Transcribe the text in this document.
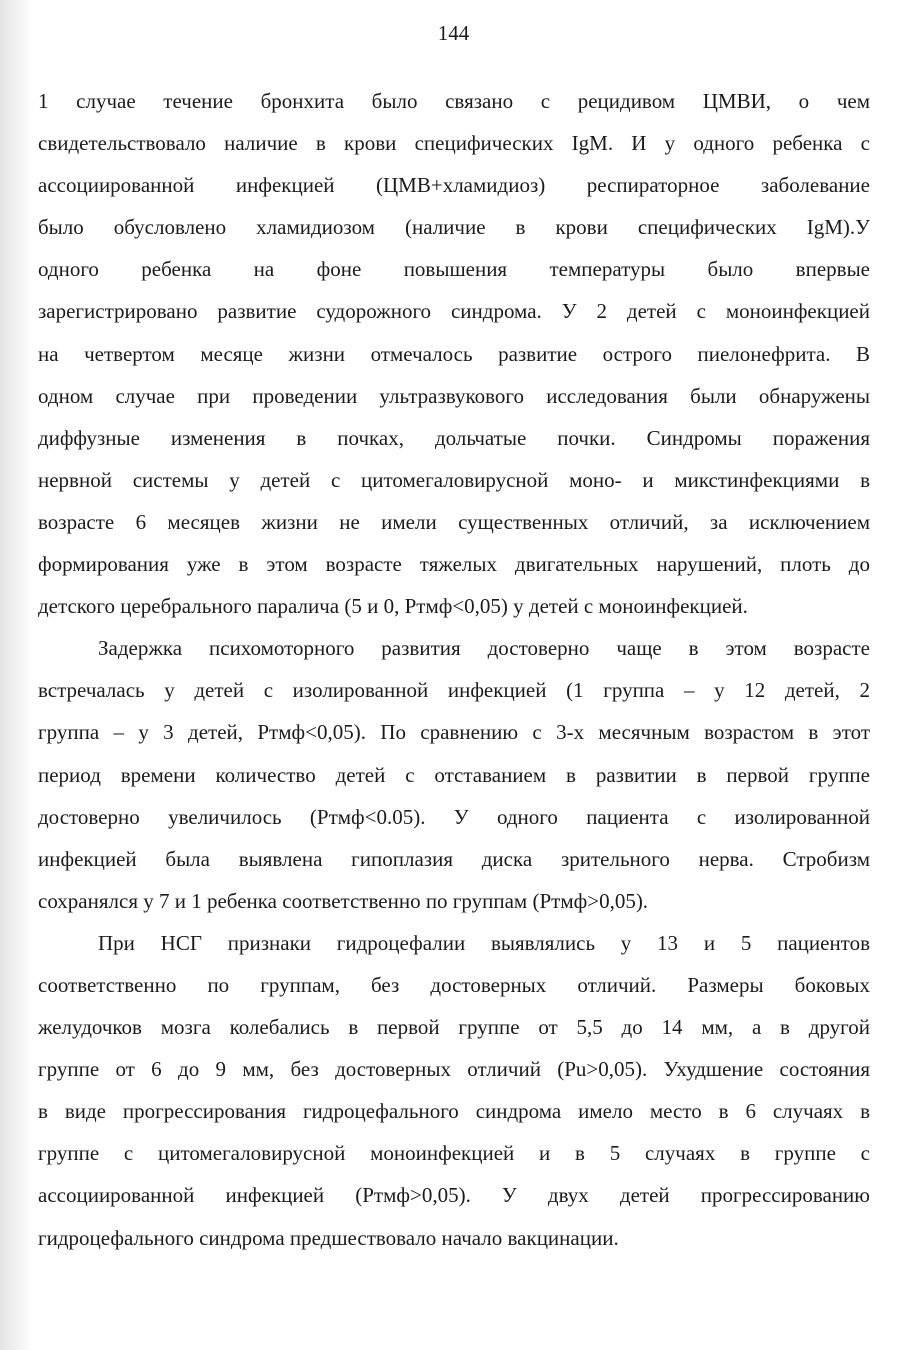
144
1 случае течение бронхита было связано с рецидивом ЦМВИ, о чем
свидетельствовало наличие в крови специфических IgM. И у одного ребенка с
ассоциированной инфекцией (ЦМВ+хламидиоз) респираторное заболевание
было обусловлено хламидиозом (наличие в крови специфических IgM).У
одного ребенка на фоне повышения температуры было впервые
зарегистрировано развитие судорожного синдрома. У 2 детей с моноинфекцией
на четвертом месяце жизни отмечалось развитие острого пиелонефрита. В
одном случае при проведении ультразвукового исследования были обнаружены
диффузные изменения в почках, дольчатые почки. Синдромы поражения
нервной системы у детей с цитомегаловирусной моно- и микстинфекциями в
возрасте 6 месяцев жизни не имели существенных отличий, за исключением
формирования уже в этом возрасте тяжелых двигательных нарушений, плоть до
детского церебрального паралича (5 и 0, Ртмф<0,05) у детей с моноинфекцией.
Задержка психомоторного развития достоверно чаще в этом возрасте
встречалась у детей с изолированной инфекцией (1 группа – у 12 детей, 2
группа – у 3 детей, Ртмф<0,05). По сравнению с 3-х месячным возрастом в этот
период времени количество детей с отставанием в развитии в первой группе
достоверно увеличилось (Ртмф<0.05). У одного пациента с изолированной
инфекцией была выявлена гипоплазия диска зрительного нерва. Стробизм
сохранялся у 7 и 1 ребенка соответственно по группам (Ртмф>0,05).
При НСГ признаки гидроцефалии выявлялись у 13 и 5 пациентов
соответственно по группам, без достоверных отличий. Размеры боковых
желудочков мозга колебались в первой группе от 5,5 до 14 мм, а в другой
группе от 6 до 9 мм, без достоверных отличий (Pu>0,05). Ухудшение состояния
в виде прогрессирования гидроцефального синдрома имело место в 6 случаях в
группе с цитомегаловирусной моноинфекцией и в 5 случаях в группе с
ассоциированной инфекцией (Ртмф>0,05). У двух детей прогрессированию
гидроцефального синдрома предшествовало начало вакцинации.
